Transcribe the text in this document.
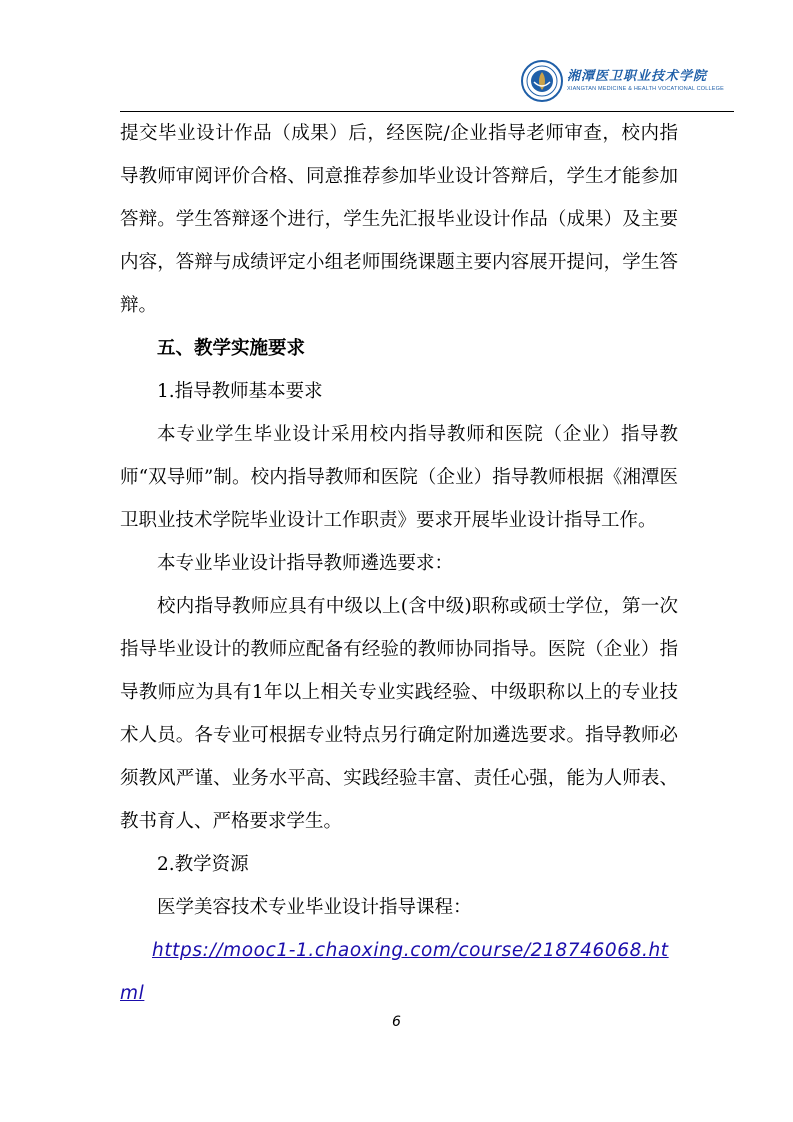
湘潭医卫职业技术学院
XIANGTAN MEDICINE & HEALTH VOCATIONAL COLLEGE

提交毕业设计作品（成果）后，经医院/企业指导老师审查，校内指导教师审阅评价合格、同意推荐参加毕业设计答辩后，学生才能参加答辩。学生答辩逐个进行，学生先汇报毕业设计作品（成果）及主要内容，答辩与成绩评定小组老师围绕课题主要内容展开提问，学生答辩。

五、教学实施要求

1.指导教师基本要求

本专业学生毕业设计采用校内指导教师和医院（企业）指导教师“双导师”制。校内指导教师和医院（企业）指导教师根据《湘潭医卫职业技术学院毕业设计工作职责》要求开展毕业设计指导工作。

本专业毕业设计指导教师遴选要求：

校内指导教师应具有中级以上(含中级)职称或硕士学位，第一次指导毕业设计的教师应配备有经验的教师协同指导。医院（企业）指导教师应为具有1年以上相关专业实践经验、中级职称以上的专业技术人员。各专业可根据专业特点另行确定附加遴选要求。指导教师必须教风严谨、业务水平高、实践经验丰富、责任心强，能为人师表、教书育人、严格要求学生。

2.教学资源

医学美容技术专业毕业设计指导课程：

https://mooc1-1.chaoxing.com/course/218746068.html

6
